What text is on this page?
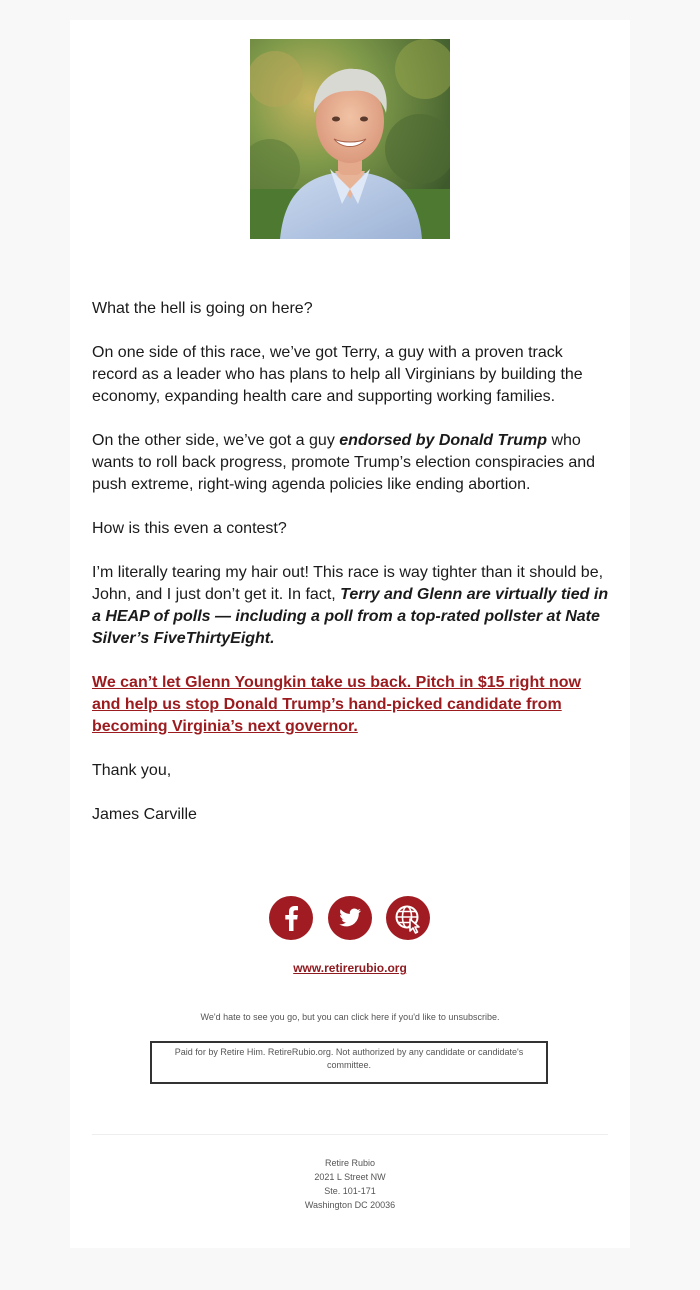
What the hell is going on here?

On one side of this race, we’ve got Terry, a guy with a proven track record as a leader who has plans to help all Virginians by building the economy, expanding health care and supporting working families.

On the other side, we’ve got a guy endorsed by Donald Trump who wants to roll back progress, promote Trump’s election conspiracies and push extreme, right-wing agenda policies like ending abortion.

How is this even a contest?

I’m literally tearing my hair out! This race is way tighter than it should be, John, and I just don’t get it. In fact, Terry and Glenn are virtually tied in a HEAP of polls — including a poll from a top-rated pollster at Nate Silver’s FiveThirtyEight.

We can’t let Glenn Youngkin take us back. Pitch in $15 right now and help us stop Donald Trump’s hand-picked candidate from becoming Virginia’s next governor.

Thank you,

James Carville

www.retirerubio.org
We'd hate to see you go, but you can click here if you'd like to unsubscribe.
Paid for by Retire Him. RetireRubio.org. Not authorized by any candidate or candidate's committee.
Retire Rubio
2021 L Street NW
Ste. 101-171
Washington DC 20036
